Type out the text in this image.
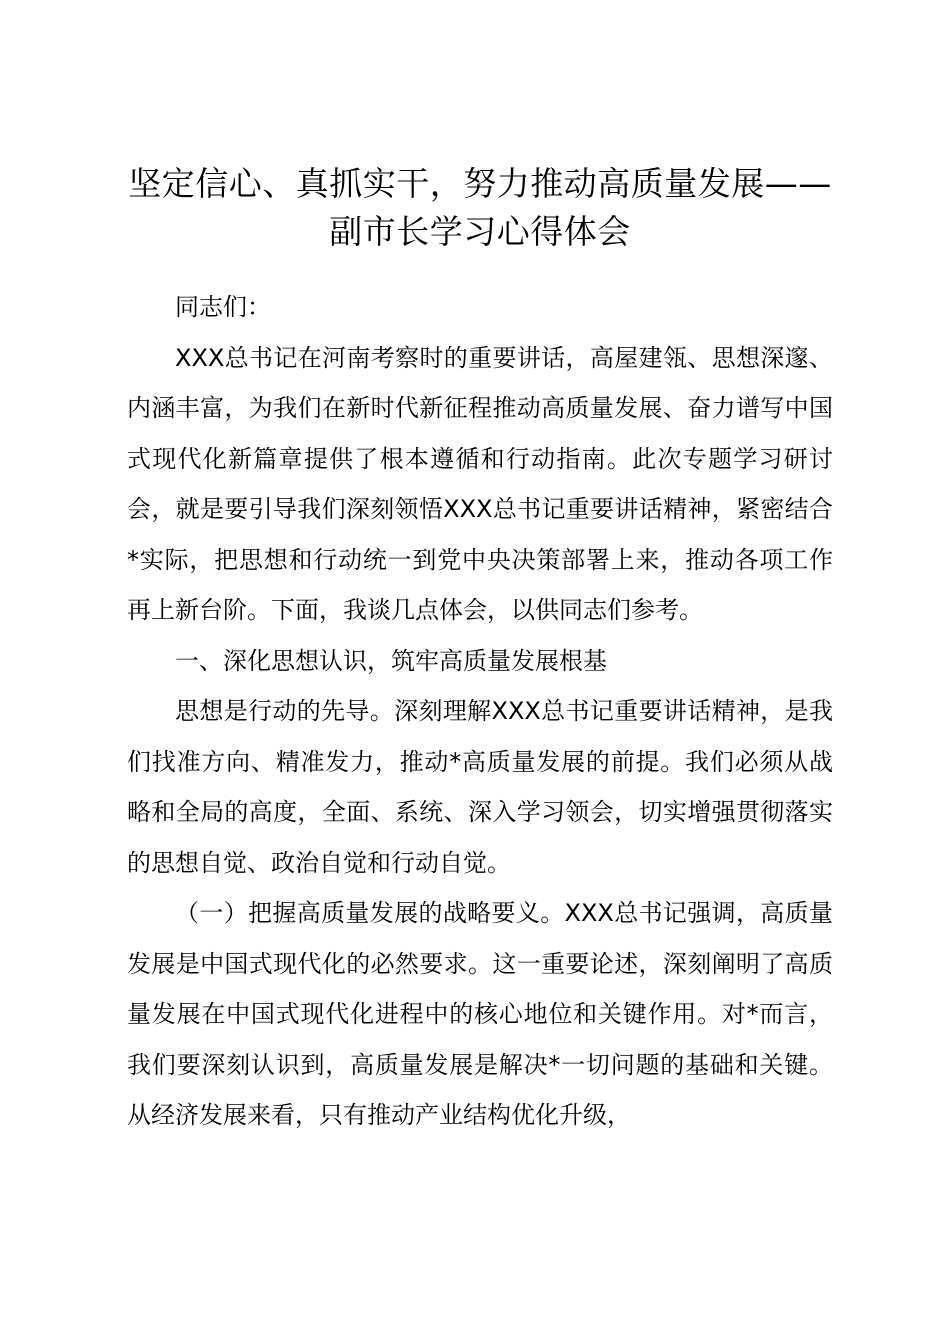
坚定信心、真抓实干，努力推动高质量发展——副市长学习心得体会

同志们：

XXX总书记在河南考察时的重要讲话，高屋建瓴、思想深邃、内涵丰富，为我们在新时代新征程推动高质量发展、奋力谱写中国式现代化新篇章提供了根本遵循和行动指南。此次专题学习研讨会，就是要引导我们深刻领悟XXX总书记重要讲话精神，紧密结合*实际，把思想和行动统一到党中央决策部署上来，推动各项工作再上新台阶。下面，我谈几点体会，以供同志们参考。

一、深化思想认识，筑牢高质量发展根基

思想是行动的先导。深刻理解XXX总书记重要讲话精神，是我们找准方向、精准发力，推动*高质量发展的前提。我们必须从战略和全局的高度，全面、系统、深入学习领会，切实增强贯彻落实的思想自觉、政治自觉和行动自觉。

（一）把握高质量发展的战略要义。XXX总书记强调，高质量发展是中国式现代化的必然要求。这一重要论述，深刻阐明了高质量发展在中国式现代化进程中的核心地位和关键作用。对*而言，我们要深刻认识到，高质量发展是解决*一切问题的基础和关键。从经济发展来看，只有推动产业结构优化升级，
